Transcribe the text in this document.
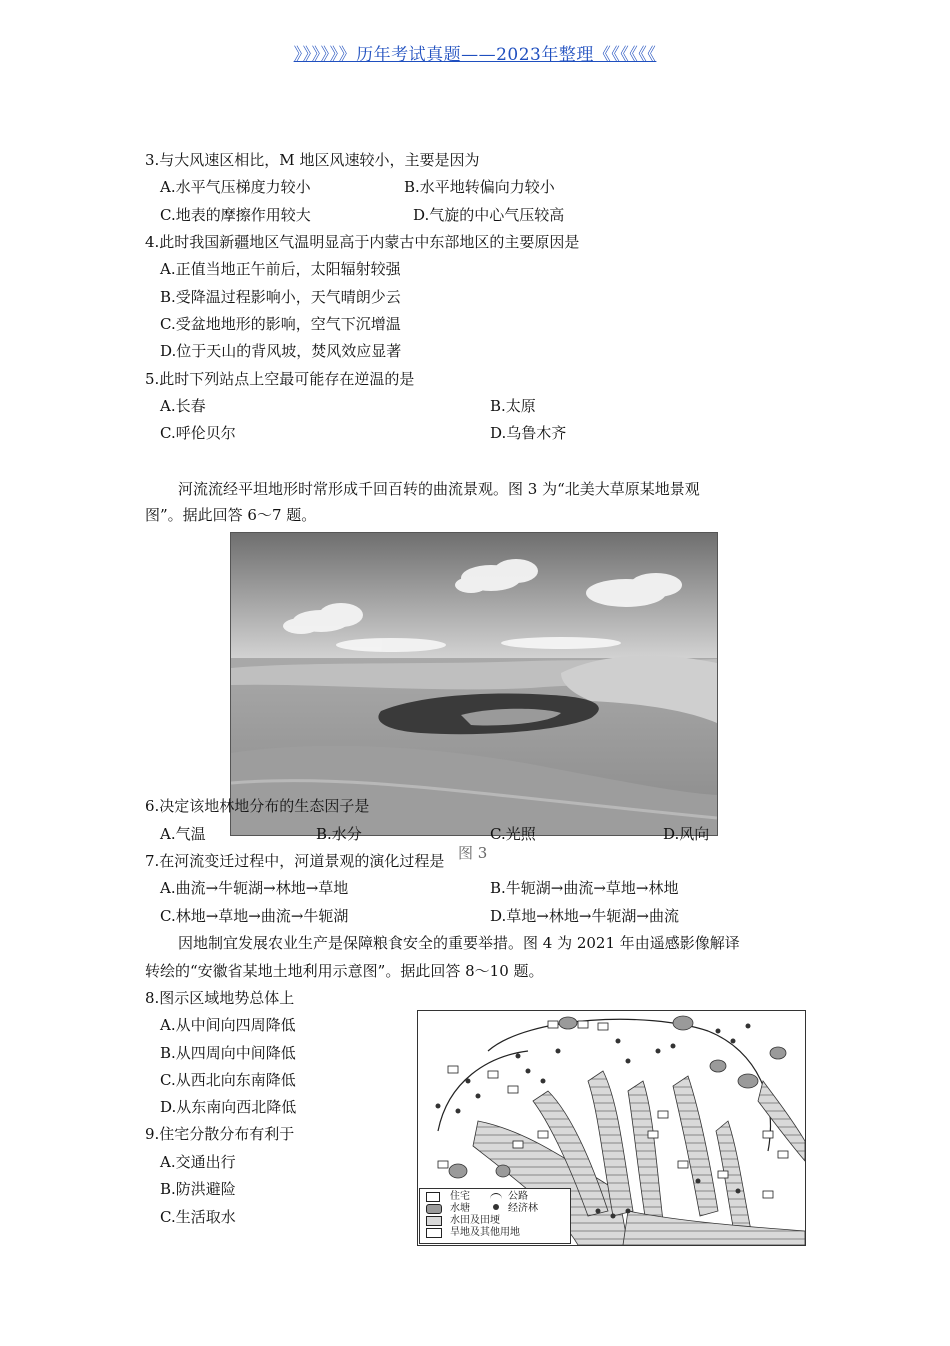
》》》》》》历年考试真题——2023年整理《《《《《《
3.与大风速区相比，M 地区风速较小，主要是因为
A.水平气压梯度力较小	B.水平地转偏向力较小
C.地表的摩擦作用较大	D.气旋的中心气压较高
4.此时我国新疆地区气温明显高于内蒙古中东部地区的主要原因是
A.正值当地正午前后，太阳辐射较强
B.受降温过程影响小，天气晴朗少云
C.受盆地地形的影响，空气下沉增温
D.位于天山的背风坡，焚风效应显著
5.此时下列站点上空最可能存在逆温的是
A.长春	B.太原
C.呼伦贝尔	D.乌鲁木齐
河流流经平坦地形时常形成千回百转的曲流景观。图 3 为“北美大草原某地景观
图”。据此回答 6～7 题。
图 3
6.决定该地林地分布的生态因子是
A.气温	B.水分	C.光照	D.风向
7.在河流变迁过程中，河道景观的演化过程是
A.曲流→牛轭湖→林地→草地	B.牛轭湖→曲流→草地→林地
C.林地→草地→曲流→牛轭湖	D.草地→林地→牛轭湖→曲流
因地制宜发展农业生产是保障粮食安全的重要举措。图 4 为 2021 年由遥感影像解译
转绘的“安徽省某地土地利用示意图”。据此回答 8～10 题。
8.图示区域地势总体上
A.从中间向四周降低
B.从四周向中间降低
C.从西北向东南降低
D.从东南向西北降低
9.住宅分散分布有利于
A.交通出行
B.防洪避险
C.生活取水
住宅
水塘
水田及田埂
旱地及其他用地
公路
经济林
